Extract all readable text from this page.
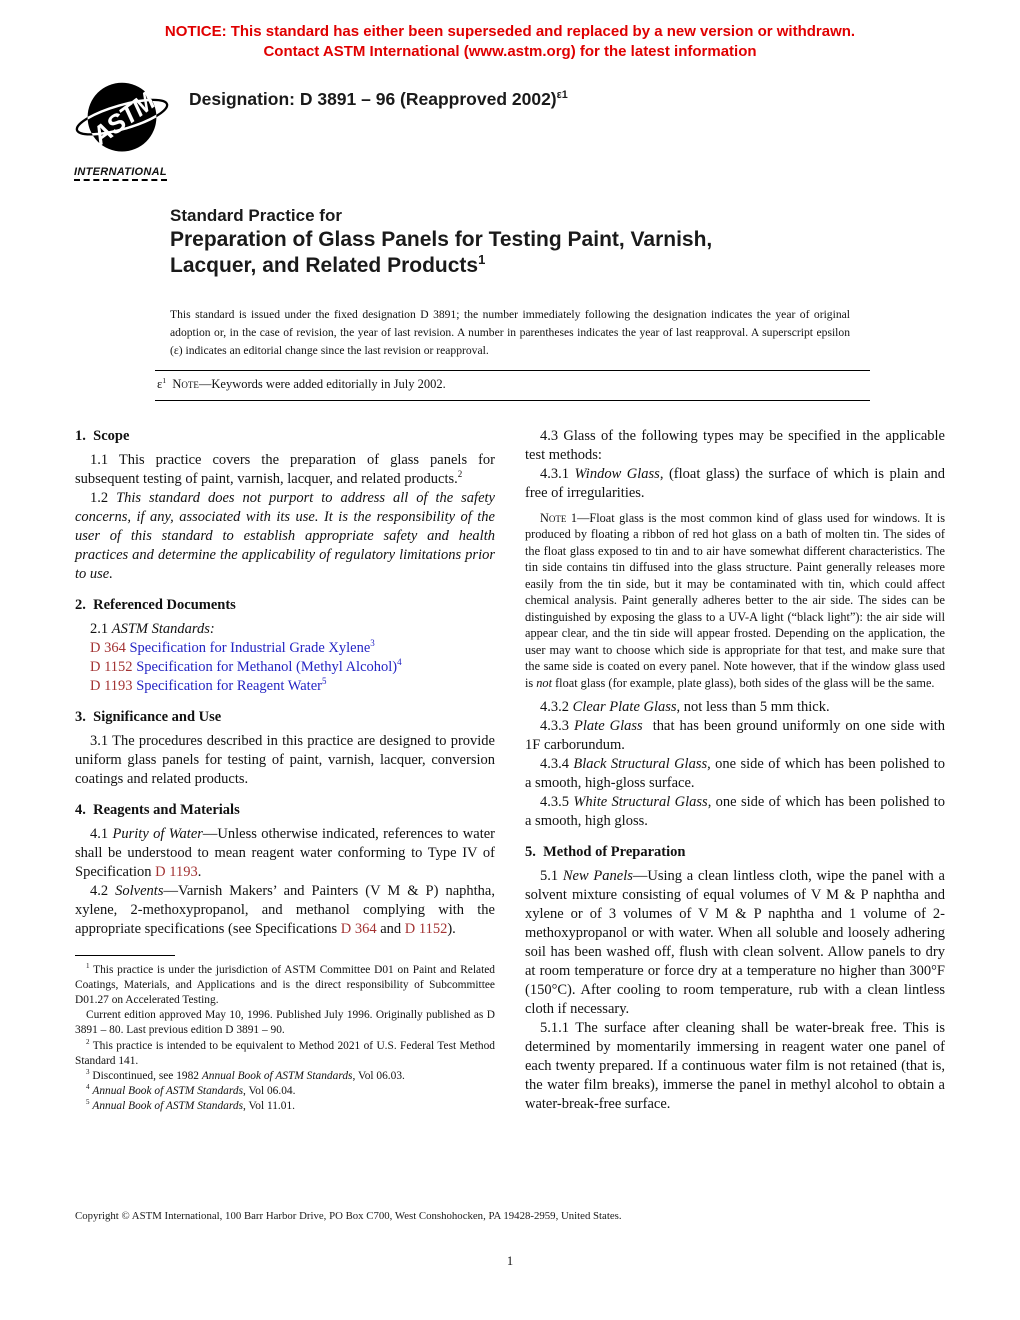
NOTICE: This standard has either been superseded and replaced by a new version or withdrawn.
Contact ASTM International (www.astm.org) for the latest information
ASTM
INTERNATIONAL
Designation: D 3891 – 96 (Reapproved 2002)$^{\varepsilon 1}$
Standard Practice for
Preparation of Glass Panels for Testing Paint, Varnish,
Lacquer, and Related Products$^1$
This standard is issued under the fixed designation D 3891; the number immediately following the designation indicates the year of original adoption or, in the case of revision, the year of last revision. A number in parentheses indicates the year of last reapproval. A superscript epsilon (ε) indicates an editorial change since the last revision or reapproval.
$\varepsilon^1$ Note—Keywords were added editorially in July 2002.
1.  Scope
1.1 This practice covers the preparation of glass panels for subsequent testing of paint, varnish, lacquer, and related products.$^2$
1.2 This standard does not purport to address all of the safety concerns, if any, associated with its use. It is the responsibility of the user of this standard to establish appropriate safety and health practices and determine the applicability of regulatory limitations prior to use.
2.  Referenced Documents
2.1 ASTM Standards:
D 364 Specification for Industrial Grade Xylene$^3$
D 1152 Specification for Methanol (Methyl Alcohol)$^4$
D 1193 Specification for Reagent Water$^5$
3.  Significance and Use
3.1 The procedures described in this practice are designed to provide uniform glass panels for testing of paint, varnish, lacquer, conversion coatings and related products.
4.  Reagents and Materials
4.1 Purity of Water—Unless otherwise indicated, references to water shall be understood to mean reagent water conforming to Type IV of Specification D 1193.
4.2 Solvents—Varnish Makers’ and Painters (V M & P) naphtha, xylene, 2-methoxypropanol, and methanol complying with the appropriate specifications (see Specifications D 364 and D 1152).
$^1$ This practice is under the jurisdiction of ASTM Committee D01 on Paint and Related Coatings, Materials, and Applications and is the direct responsibility of Subcommittee D01.27 on Accelerated Testing.
Current edition approved May 10, 1996. Published July 1996. Originally published as D 3891 – 80. Last previous edition D 3891 – 90.
$^2$ This practice is intended to be equivalent to Method 2021 of U.S. Federal Test Method Standard 141.
$^3$ Discontinued, see 1982 Annual Book of ASTM Standards, Vol 06.03.
$^4$ Annual Book of ASTM Standards, Vol 06.04.
$^5$ Annual Book of ASTM Standards, Vol 11.01.
4.3 Glass of the following types may be specified in the applicable test methods:
4.3.1 Window Glass, (float glass) the surface of which is plain and free of irregularities.
Note 1—Float glass is the most common kind of glass used for windows. It is produced by floating a ribbon of red hot glass on a bath of molten tin. The sides of the float glass exposed to tin and to air have somewhat different characteristics. The tin side contains tin diffused into the glass structure. Paint generally releases more easily from the tin side, but it may be contaminated with tin, which could affect chemical analysis. Paint generally adheres better to the air side. The sides can be distinguished by exposing the glass to a UV-A light (“black light”): the air side will appear clear, and the tin side will appear frosted. Depending on the application, the user may want to choose which side is appropriate for that test, and make sure that the same side is coated on every panel. Note however, that if the window glass used is not float glass (for example, plate glass), both sides of the glass will be the same.
4.3.2 Clear Plate Glass, not less than 5 mm thick.
4.3.3 Plate Glass  that has been ground uniformly on one side with 1F carborundum.
4.3.4 Black Structural Glass, one side of which has been polished to a smooth, high-gloss surface.
4.3.5 White Structural Glass, one side of which has been polished to a smooth, high gloss.
5.  Method of Preparation
5.1 New Panels—Using a clean lintless cloth, wipe the panel with a solvent mixture consisting of equal volumes of V M & P naphtha and xylene or of 3 volumes of V M & P naphtha and 1 volume of 2-methoxypropanol or with water. When all soluble and loosely adhering soil has been washed off, flush with clean solvent. Allow panels to dry at room temperature or force dry at a temperature no higher than 300°F (150°C). After cooling to room temperature, rub with a clean lintless cloth if necessary.
5.1.1 The surface after cleaning shall be water-break free. This is determined by momentarily immersing in reagent water one panel of each twenty prepared. If a continuous water film is not retained (that is, the water film breaks), immerse the panel in methyl alcohol to obtain a water-break-free surface.
Copyright © ASTM International, 100 Barr Harbor Drive, PO Box C700, West Conshohocken, PA 19428-2959, United States.
1
